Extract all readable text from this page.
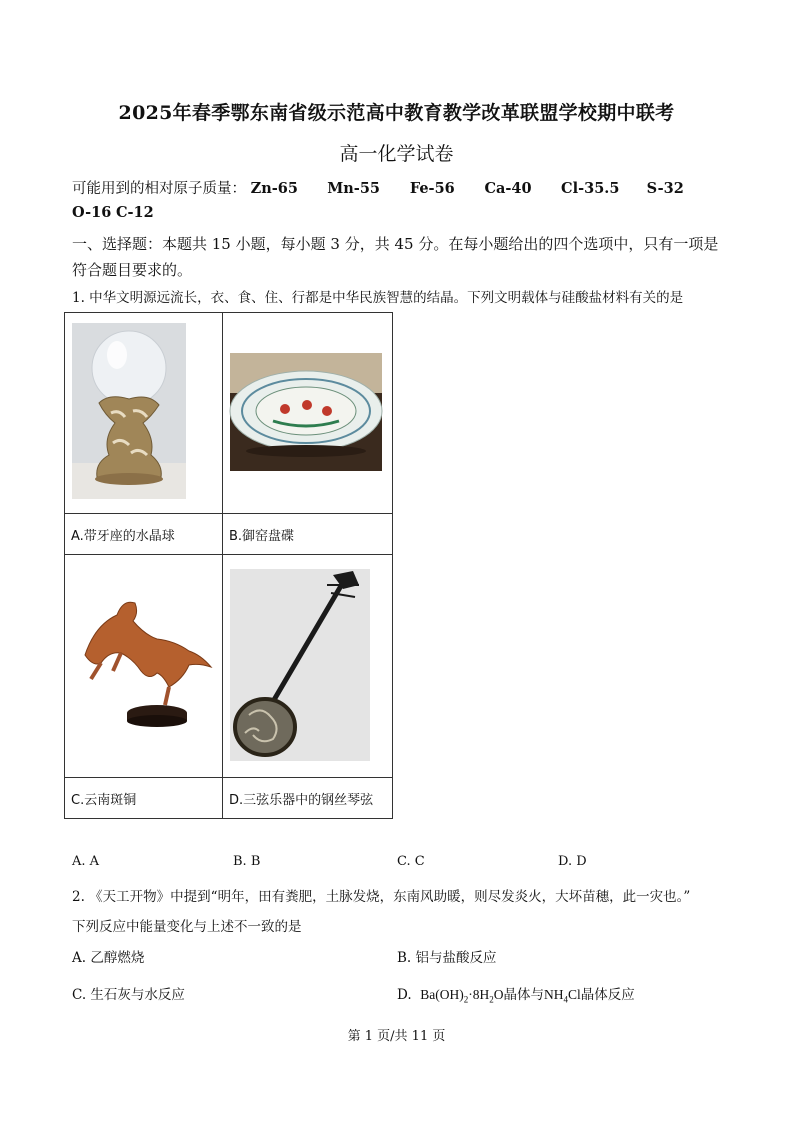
2025年春季鄂东南省级示范高中教育教学改革联盟学校期中联考
高一化学试卷
可能用到的相对原子质量： Zn-65 Mn-55 Fe-56 Ca-40 Cl-35.5 S-32
O-16 C-12
一、选择题：本题共 15 小题，每小题 3 分，共 45 分。在每小题给出的四个选项中，只有一项是符合题目要求的。
1. 中华文明源远流长，衣、食、住、行都是中华民族智慧的结晶。下列文明载体与硅酸盐材料有关的是

A.带牙座的水晶球	B.御窑盘碟

C.云南斑铜	D.三弦乐器中的钢丝琴弦
A. A	B. B	C. C	D. D
2. 《天工开物》中提到“明年，田有粪肥，土脉发烧，东南风助暖，则尽发炎火，大坏苗穗，此一灾也。”
下列反应中能量变化与上述不一致的是
A. 乙醇燃烧	B. 铝与盐酸反应
C. 生石灰与水反应	D. $Ba(OH)_2\cdot 8H_2O$晶体与$NH_4Cl$晶体反应
第 1 页/共 11 页
